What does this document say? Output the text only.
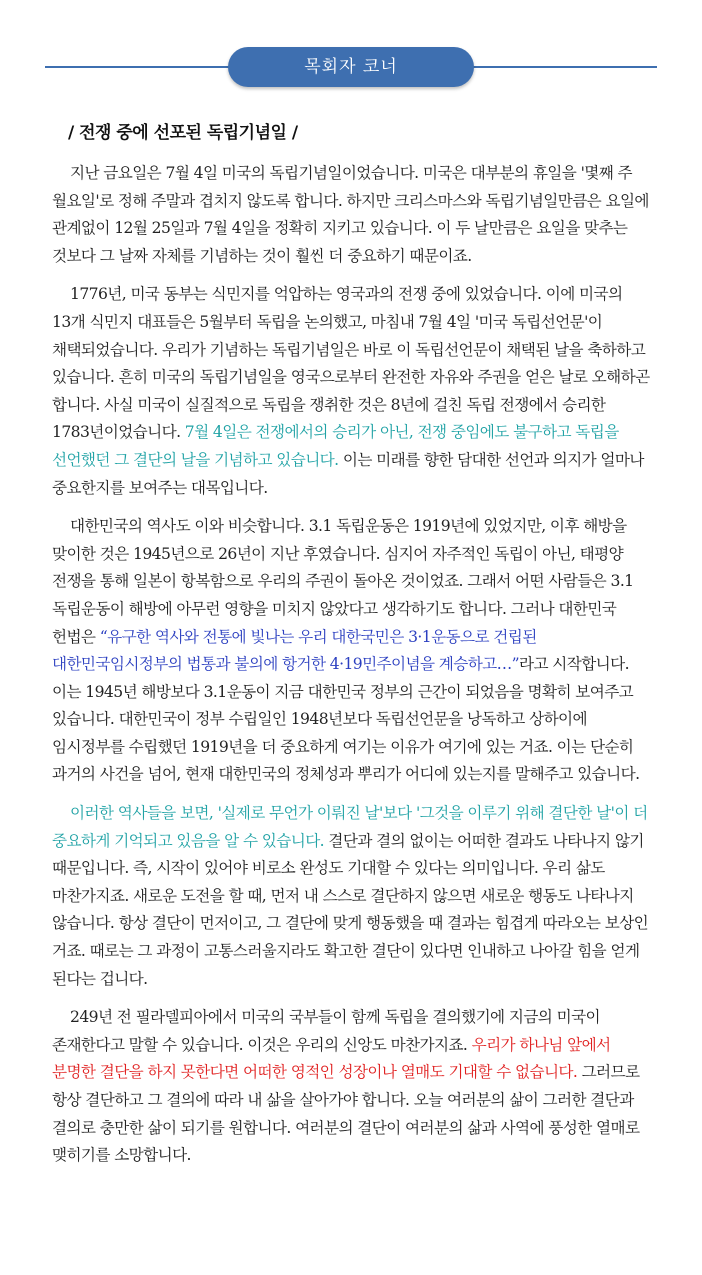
목회자 코너
/ 전쟁 중에 선포된 독립기념일 /

지난 금요일은 7월 4일 미국의 독립기념일이었습니다. 미국은 대부분의 휴일을 '몇째 주 월요일'로 정해 주말과 겹치지 않도록 합니다. 하지만 크리스마스와 독립기념일만큼은 요일에 관계없이 12월 25일과 7월 4일을 정확히 지키고 있습니다. 이 두 날만큼은 요일을 맞추는 것보다 그 날짜 자체를 기념하는 것이 훨씬 더 중요하기 때문이죠.

1776년, 미국 동부는 식민지를 억압하는 영국과의 전쟁 중에 있었습니다. 이에 미국의 13개 식민지 대표들은 5월부터 독립을 논의했고, 마침내 7월 4일 '미국 독립선언문'이 채택되었습니다. 우리가 기념하는 독립기념일은 바로 이 독립선언문이 채택된 날을 축하하고 있습니다. 흔히 미국의 독립기념일을 영국으로부터 완전한 자유와 주권을 얻은 날로 오해하곤 합니다. 사실 미국이 실질적으로 독립을 쟁취한 것은 8년에 걸친 독립 전쟁에서 승리한 1783년이었습니다. 7월 4일은 전쟁에서의 승리가 아닌, 전쟁 중임에도 불구하고 독립을 선언했던 그 결단의 날을 기념하고 있습니다. 이는 미래를 향한 담대한 선언과 의지가 얼마나 중요한지를 보여주는 대목입니다.

대한민국의 역사도 이와 비슷합니다. 3.1 독립운동은 1919년에 있었지만, 이후 해방을 맞이한 것은 1945년으로 26년이 지난 후였습니다. 심지어 자주적인 독립이 아닌, 태평양 전쟁을 통해 일본이 항복함으로 우리의 주권이 돌아온 것이었죠. 그래서 어떤 사람들은 3.1 독립운동이 해방에 아무런 영향을 미치지 않았다고 생각하기도 합니다. 그러나 대한민국 헌법은 “유구한 역사와 전통에 빛나는 우리 대한국민은 3·1운동으로 건립된 대한민국임시정부의 법통과 불의에 항거한 4·19민주이념을 계승하고…”라고 시작합니다. 이는 1945년 해방보다 3.1운동이 지금 대한민국 정부의 근간이 되었음을 명확히 보여주고 있습니다. 대한민국이 정부 수립일인 1948년보다 독립선언문을 낭독하고 상하이에 임시정부를 수립했던 1919년을 더 중요하게 여기는 이유가 여기에 있는 거죠. 이는 단순히 과거의 사건을 넘어, 현재 대한민국의 정체성과 뿌리가 어디에 있는지를 말해주고 있습니다.

이러한 역사들을 보면, '실제로 무언가 이뤄진 날'보다 '그것을 이루기 위해 결단한 날'이 더 중요하게 기억되고 있음을 알 수 있습니다. 결단과 결의 없이는 어떠한 결과도 나타나지 않기 때문입니다. 즉, 시작이 있어야 비로소 완성도 기대할 수 있다는 의미입니다. 우리 삶도 마찬가지죠. 새로운 도전을 할 때, 먼저 내 스스로 결단하지 않으면 새로운 행동도 나타나지 않습니다. 항상 결단이 먼저이고, 그 결단에 맞게 행동했을 때 결과는 힘겹게 따라오는 보상인 거죠. 때로는 그 과정이 고통스러울지라도 확고한 결단이 있다면 인내하고 나아갈 힘을 얻게 된다는 겁니다.

249년 전 필라델피아에서 미국의 국부들이 함께 독립을 결의했기에 지금의 미국이 존재한다고 말할 수 있습니다. 이것은 우리의 신앙도 마찬가지죠. 우리가 하나님 앞에서 분명한 결단을 하지 못한다면 어떠한 영적인 성장이나 열매도 기대할 수 없습니다. 그러므로 항상 결단하고 그 결의에 따라 내 삶을 살아가야 합니다. 오늘 여러분의 삶이 그러한 결단과 결의로 충만한 삶이 되기를 원합니다. 여러분의 결단이 여러분의 삶과 사역에 풍성한 열매로 맺히기를 소망합니다.
